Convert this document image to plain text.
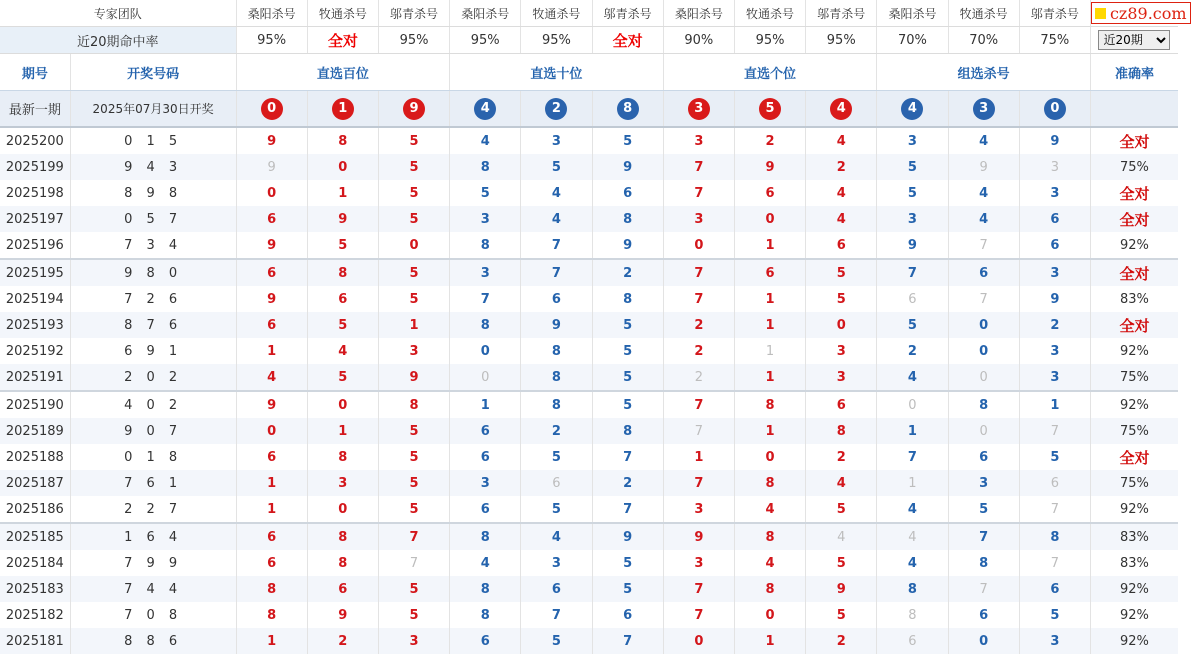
专家团队		桑阳杀号	牧通杀号	邬青杀号	桑阳杀号	牧通杀号	邬青杀号	桑阳杀号	牧通杀号	邬青杀号	桑阳杀号	牧通杀号	邬青杀号	cz89.com

近20期命中率		95%	全对	95%	95%	95%	全对	90%	95%	95%	70%	70%	75%	
近20期
期号	开奖号码	直选百位			直选十位			直选个位			组选杀号			准确率
最新一期	2025年07月30日开奖	0	1	9	4	2	8	3	5	4	4	3	0	
2025200	0 1 5	9	8	5	4	3	5	3	2	4	3	4	9	全对
2025199	9 4 3	9	0	5	8	5	9	7	9	2	5	9	3	75%
2025198	8 9 8	0	1	5	5	4	6	7	6	4	5	4	3	全对
2025197	0 5 7	6	9	5	3	4	8	3	0	4	3	4	6	全对
2025196	7 3 4	9	5	0	8	7	9	0	1	6	9	7	6	92%
2025195	9 8 0	6	8	5	3	7	2	7	6	5	7	6	3	全对
2025194	7 2 6	9	6	5	7	6	8	7	1	5	6	7	9	83%
2025193	8 7 6	6	5	1	8	9	5	2	1	0	5	0	2	全对
2025192	6 9 1	1	4	3	0	8	5	2	1	3	2	0	3	92%
2025191	2 0 2	4	5	9	0	8	5	2	1	3	4	0	3	75%
2025190	4 0 2	9	0	8	1	8	5	7	8	6	0	8	1	92%
2025189	9 0 7	0	1	5	6	2	8	7	1	8	1	0	7	75%
2025188	0 1 8	6	8	5	6	5	7	1	0	2	7	6	5	全对
2025187	7 6 1	1	3	5	3	6	2	7	8	4	1	3	6	75%
2025186	2 2 7	1	0	5	6	5	7	3	4	5	4	5	7	92%
2025185	1 6 4	6	8	7	8	4	9	9	8	4	4	7	8	83%
2025184	7 9 9	6	8	7	4	3	5	3	4	5	4	8	7	83%
2025183	7 4 4	8	6	5	8	6	5	7	8	9	8	7	6	92%
2025182	7 0 8	8	9	5	8	7	6	7	0	5	8	6	5	92%
2025181	8 8 6	1	2	3	6	5	7	0	1	2	6	0	3	92%
